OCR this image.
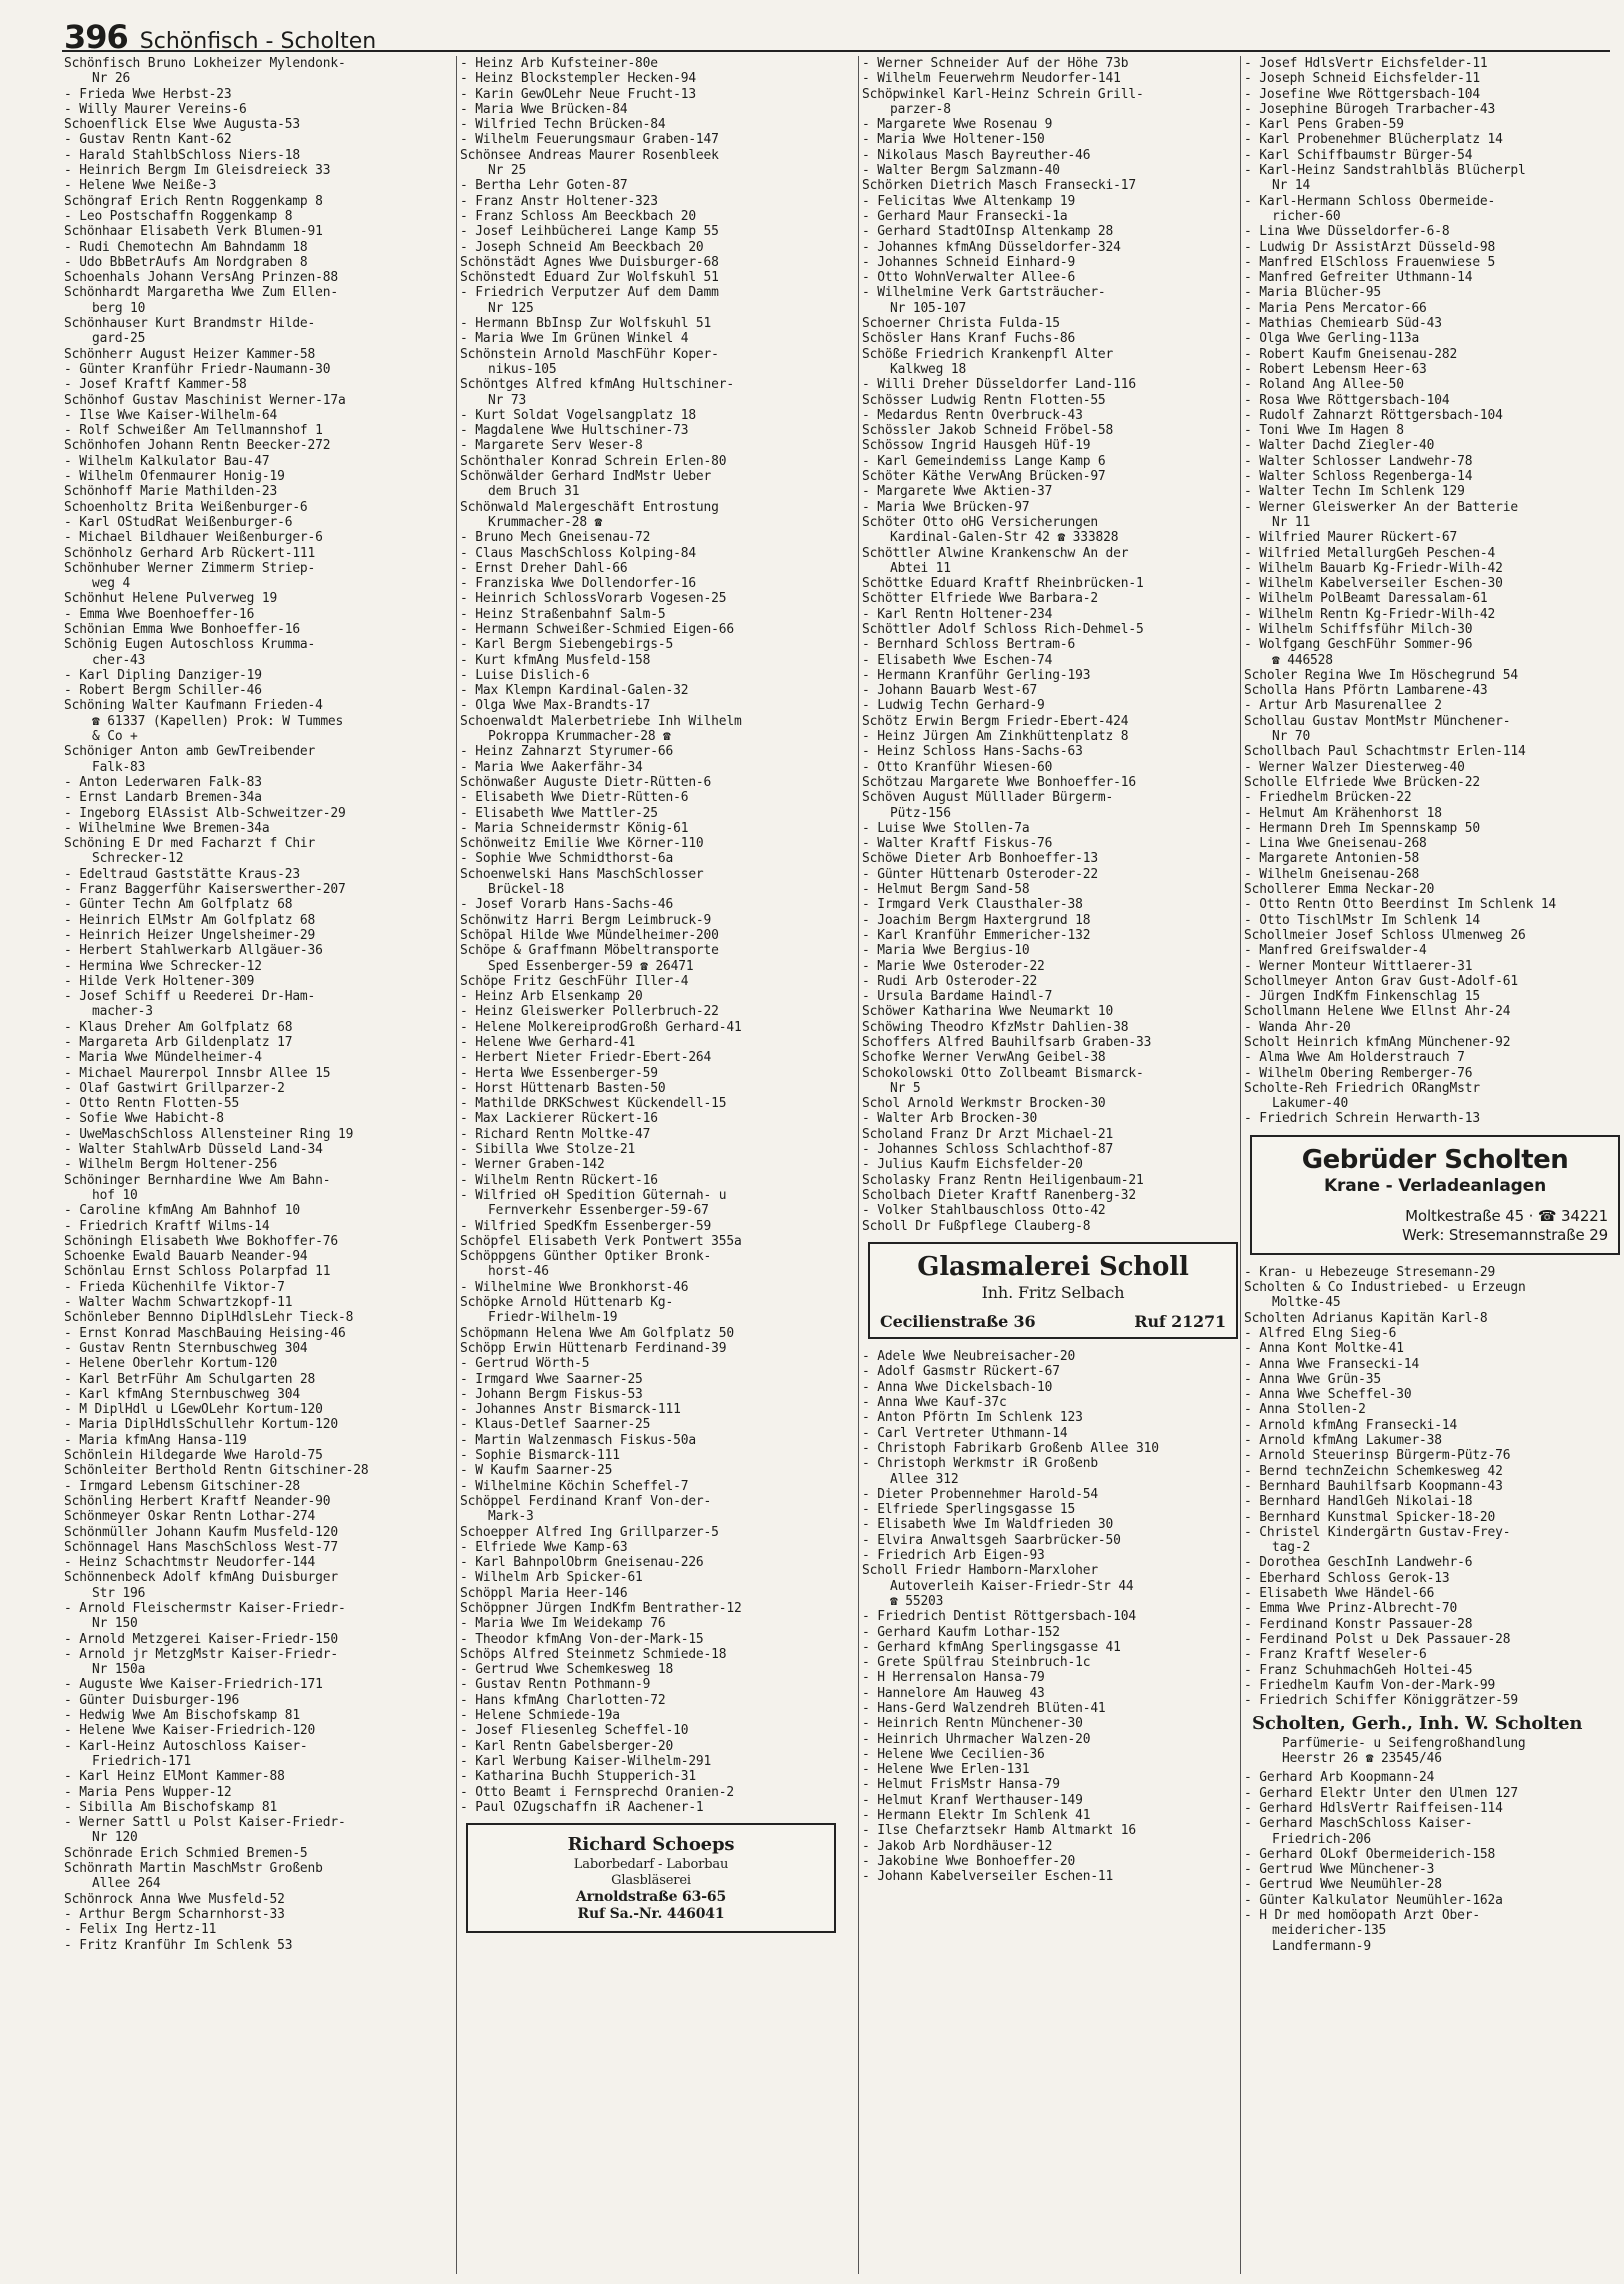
396 Schönfisch - Scholten
Schönfisch Bruno Lokheizer Mylendonk-
Nr 26
- Frieda Wwe Herbst-23
- Willy Maurer Vereins-6
Schoenflick Else Wwe Augusta-53
- Gustav Rentn Kant-62
- Harald StahlbSchloss Niers-18
- Heinrich Bergm Im Gleisdreieck 33
- Helene Wwe Neiße-3
Schöngraf Erich Rentn Roggenkamp 8
- Leo Postschaffn Roggenkamp 8
Schönhaar Elisabeth Verk Blumen-91
- Rudi Chemotechn Am Bahndamm 18
- Udo BbBetrAufs Am Nordgraben 8
Schoenhals Johann VersAng Prinzen-88
Schönhardt Margaretha Wwe Zum Ellen-
berg 10
Schönhauser Kurt Brandmstr Hilde-
gard-25
Schönherr August Heizer Kammer-58
- Günter Kranführ Friedr-Naumann-30
- Josef Kraftf Kammer-58
Schönhof Gustav Maschinist Werner-17a
- Ilse Wwe Kaiser-Wilhelm-64
- Rolf Schweißer Am Tellmannshof 1
Schönhofen Johann Rentn Beecker-272
- Wilhelm Kalkulator Bau-47
- Wilhelm Ofenmaurer Honig-19
Schönhoff Marie Mathilden-23
Schoenholtz Brita Weißenburger-6
- Karl OStudRat Weißenburger-6
- Michael Bildhauer Weißenburger-6
Schönholz Gerhard Arb Rückert-111
Schönhuber Werner Zimmerm Striep-
weg 4
Schönhut Helene Pulverweg 19
- Emma Wwe Boenhoeffer-16
Schönian Emma Wwe Bonhoeffer-16
Schönig Eugen Autoschloss Krumma-
cher-43
- Karl Dipling Danziger-19
- Robert Bergm Schiller-46
Schöning Walter Kaufmann Frieden-4
☎ 61337 (Kapellen) Prok: W Tummes
& Co +
Schöniger Anton amb GewTreibender
Falk-83
- Anton Lederwaren Falk-83
- Ernst Landarb Bremen-34a
- Ingeborg ElAssist Alb-Schweitzer-29
- Wilhelmine Wwe Bremen-34a
Schöning E Dr med Facharzt f Chir
Schrecker-12
- Edeltraud Gaststätte Kraus-23
- Franz Baggerführ Kaiserswerther-207
- Günter Techn Am Golfplatz 68
- Heinrich ElMstr Am Golfplatz 68
- Heinrich Heizer Ungelsheimer-29
- Herbert Stahlwerkarb Allgäuer-36
- Hermina Wwe Schrecker-12
- Hilde Verk Holtener-309
- Josef Schiff u Reederei Dr-Ham-
macher-3
- Klaus Dreher Am Golfplatz 68
- Margareta Arb Gildenplatz 17
- Maria Wwe Mündelheimer-4
- Michael Maurerpol Innsbr Allee 15
- Olaf Gastwirt Grillparzer-2
- Otto Rentn Flotten-55
- Sofie Wwe Habicht-8
- UweMaschSchloss Allensteiner Ring 19
- Walter StahlwArb Düsseld Land-34
- Wilhelm Bergm Holtener-256
Schöninger Bernhardine Wwe Am Bahn-
hof 10
- Caroline kfmAng Am Bahnhof 10
- Friedrich Kraftf Wilms-14
Schöningh Elisabeth Wwe Bokhoffer-76
Schoenke Ewald Bauarb Neander-94
Schönlau Ernst Schloss Polarpfad 11
- Frieda Küchenhilfe Viktor-7
- Walter Wachm Schwartzkopf-11
Schönleber Bennno DiplHdlsLehr Tieck-8
- Ernst Konrad MaschBauing Heising-46
- Gustav Rentn Sternbuschweg 304
- Helene Oberlehr Kortum-120
- Karl BetrFühr Am Schulgarten 28
- Karl kfmAng Sternbuschweg 304
- M DiplHdl u LGewOLehr Kortum-120
- Maria DiplHdlsSchullehr Kortum-120
- Maria kfmAng Hansa-119
Schönlein Hildegarde Wwe Harold-75
Schönleiter Berthold Rentn Gitschiner-28
- Irmgard Lebensm Gitschiner-28
Schönling Herbert Kraftf Neander-90
Schönmeyer Oskar Rentn Lothar-274
Schönmüller Johann Kaufm Musfeld-120
Schönnagel Hans MaschSchloss West-77
- Heinz Schachtmstr Neudorfer-144
Schönnenbeck Adolf kfmAng Duisburger
Str 196
- Arnold Fleischermstr Kaiser-Friedr-
Nr 150
- Arnold Metzgerei Kaiser-Friedr-150
- Arnold jr MetzgMstr Kaiser-Friedr-
Nr 150a
- Auguste Wwe Kaiser-Friedrich-171
- Günter Duisburger-196
- Hedwig Wwe Am Bischofskamp 81
- Helene Wwe Kaiser-Friedrich-120
- Karl-Heinz Autoschloss Kaiser-
Friedrich-171
- Karl Heinz ElMont Kammer-88
- Maria Pens Wupper-12
- Sibilla Am Bischofskamp 81
- Werner Sattl u Polst Kaiser-Friedr-
Nr 120
Schönrade Erich Schmied Bremen-5
Schönrath Martin MaschMstr Großenb
Allee 264
Schönrock Anna Wwe Musfeld-52
- Arthur Bergm Scharnhorst-33
- Felix Ing Hertz-11
- Fritz Kranführ Im Schlenk 53
- Heinz Arb Kufsteiner-80e
- Heinz Blockstempler Hecken-94
- Karin GewOLehr Neue Frucht-13
- Maria Wwe Brücken-84
- Wilfried Techn Brücken-84
- Wilhelm Feuerungsmaur Graben-147
Schönsee Andreas Maurer Rosenbleek
Nr 25
- Bertha Lehr Goten-87
- Franz Anstr Holtener-323
- Franz Schloss Am Beeckbach 20
- Josef Leihbücherei Lange Kamp 55
- Joseph Schneid Am Beeckbach 20
Schönstädt Agnes Wwe Duisburger-68
Schönstedt Eduard Zur Wolfskuhl 51
- Friedrich Verputzer Auf dem Damm
Nr 125
- Hermann BbInsp Zur Wolfskuhl 51
- Maria Wwe Im Grünen Winkel 4
Schönstein Arnold MaschFühr Koper-
nikus-105
Schöntges Alfred kfmAng Hultschiner-
Nr 73
- Kurt Soldat Vogelsangplatz 18
- Magdalene Wwe Hultschiner-73
- Margarete Serv Weser-8
Schönthaler Konrad Schrein Erlen-80
Schönwälder Gerhard IndMstr Ueber
dem Bruch 31
Schönwald Malergeschäft Entrostung
Krummacher-28 ☎
- Bruno Mech Gneisenau-72
- Claus MaschSchloss Kolping-84
- Ernst Dreher Dahl-66
- Franziska Wwe Dollendorfer-16
- Heinrich SchlossVorarb Vogesen-25
- Heinz Straßenbahnf Salm-5
- Hermann Schweißer-Schmied Eigen-66
- Karl Bergm Siebengebirgs-5
- Kurt kfmAng Musfeld-158
- Luise Dislich-6
- Max Klempn Kardinal-Galen-32
- Olga Wwe Max-Brandts-17
Schoenwaldt Malerbetriebe Inh Wilhelm
Pokroppa Krummacher-28 ☎
- Heinz Zahnarzt Styrumer-66
- Maria Wwe Aakerfähr-34
Schönwaßer Auguste Dietr-Rütten-6
- Elisabeth Wwe Dietr-Rütten-6
- Elisabeth Wwe Mattler-25
- Maria Schneidermstr König-61
Schönweitz Emilie Wwe Körner-110
- Sophie Wwe Schmidthorst-6a
Schoenwelski Hans MaschSchlosser
Brückel-18
- Josef Vorarb Hans-Sachs-46
Schönwitz Harri Bergm Leimbruck-9
Schöpal Hilde Wwe Mündelheimer-200
Schöpe & Graffmann Möbeltransporte
Sped Essenberger-59 ☎ 26471
Schöpe Fritz GeschFühr Iller-4
- Heinz Arb Elsenkamp 20
- Heinz Gleiswerker Pollerbruch-22
- Helene MolkereiprodGroßh Gerhard-41
- Helene Wwe Gerhard-41
- Herbert Nieter Friedr-Ebert-264
- Herta Wwe Essenberger-59
- Horst Hüttenarb Basten-50
- Mathilde DRKSchwest Kückendell-15
- Max Lackierer Rückert-16
- Richard Rentn Moltke-47
- Sibilla Wwe Stolze-21
- Werner Graben-142
- Wilhelm Rentn Rückert-16
- Wilfried oH Spedition Güternah- u
Fernverkehr Essenberger-59-67
- Wilfried SpedKfm Essenberger-59
Schöpfel Elisabeth Verk Pontwert 355a
Schöppgens Günther Optiker Bronk-
horst-46
- Wilhelmine Wwe Bronkhorst-46
Schöpke Arnold Hüttenarb Kg-
Friedr-Wilhelm-19
Schöpmann Helena Wwe Am Golfplatz 50
Schöpp Erwin Hüttenarb Ferdinand-39
- Gertrud Wörth-5
- Irmgard Wwe Saarner-25
- Johann Bergm Fiskus-53
- Johannes Anstr Bismarck-111
- Klaus-Detlef Saarner-25
- Martin Walzenmasch Fiskus-50a
- Sophie Bismarck-111
- W Kaufm Saarner-25
- Wilhelmine Köchin Scheffel-7
Schöppel Ferdinand Kranf Von-der-
Mark-3
Schoepper Alfred Ing Grillparzer-5
- Elfriede Wwe Kamp-63
- Karl BahnpolObrm Gneisenau-226
- Wilhelm Arb Spicker-61
Schöppl Maria Heer-146
Schöppner Jürgen IndKfm Bentrather-12
- Maria Wwe Im Weidekamp 76
- Theodor kfmAng Von-der-Mark-15
Schöps Alfred Steinmetz Schmiede-18
- Gertrud Wwe Schemkesweg 18
- Gustav Rentn Pothmann-9
- Hans kfmAng Charlotten-72
- Helene Schmiede-19a
- Josef Fliesenleg Scheffel-10
- Karl Rentn Gabelsberger-20
- Karl Werbung Kaiser-Wilhelm-291
- Katharina Buchh Stupperich-31
- Otto Beamt i Fernsprechd Oranien-2
- Paul OZugschaffn iR Aachener-1
Richard Schoeps
Laborbedarf - Laborbau
Glasbläserei
Arnoldstraße 63-65
Ruf Sa.-Nr. 446041
- Werner Schneider Auf der Höhe 73b
- Wilhelm Feuerwehrm Neudorfer-141
Schöpwinkel Karl-Heinz Schrein Grill-
parzer-8
- Margarete Wwe Rosenau 9
- Maria Wwe Holtener-150
- Nikolaus Masch Bayreuther-46
- Walter Bergm Salzmann-40
Schörken Dietrich Masch Fransecki-17
- Felicitas Wwe Altenkamp 19
- Gerhard Maur Fransecki-1a
- Gerhard StadtOInsp Altenkamp 28
- Johannes kfmAng Düsseldorfer-324
- Johannes Schneid Einhard-9
- Otto WohnVerwalter Allee-6
- Wilhelmine Verk Gartsträucher-
Nr 105-107
Schoerner Christa Fulda-15
Schösler Hans Kranf Fuchs-86
Schöße Friedrich Krankenpfl Alter
Kalkweg 18
- Willi Dreher Düsseldorfer Land-116
Schösser Ludwig Rentn Flotten-55
- Medardus Rentn Overbruck-43
Schössler Jakob Schneid Fröbel-58
Schössow Ingrid Hausgeh Hüf-19
- Karl Gemeindemiss Lange Kamp 6
Schöter Käthe VerwAng Brücken-97
- Margarete Wwe Aktien-37
- Maria Wwe Brücken-97
Schöter Otto oHG Versicherungen
Kardinal-Galen-Str 42 ☎ 333828
Schöttler Alwine Krankenschw An der
Abtei 11
Schöttke Eduard Kraftf Rheinbrücken-1
Schötter Elfriede Wwe Barbara-2
- Karl Rentn Holtener-234
Schöttler Adolf Schloss Rich-Dehmel-5
- Bernhard Schloss Bertram-6
- Elisabeth Wwe Eschen-74
- Hermann Kranführ Gerling-193
- Johann Bauarb West-67
- Ludwig Techn Gerhard-9
Schötz Erwin Bergm Friedr-Ebert-424
- Heinz Jürgen Am Zinkhüttenplatz 8
- Heinz Schloss Hans-Sachs-63
- Otto Kranführ Wiesen-60
Schötzau Margarete Wwe Bonhoeffer-16
Schöven August Mülllader Bürgerm-
Pütz-156
- Luise Wwe Stollen-7a
- Walter Kraftf Fiskus-76
Schöwe Dieter Arb Bonhoeffer-13
- Günter Hüttenarb Osteroder-22
- Helmut Bergm Sand-58
- Irmgard Verk Clausthaler-38
- Joachim Bergm Haxtergrund 18
- Karl Kranführ Emmericher-132
- Maria Wwe Bergius-10
- Marie Wwe Osteroder-22
- Rudi Arb Osteroder-22
- Ursula Bardame Haindl-7
Schöwer Katharina Wwe Neumarkt 10
Schöwing Theodro KfzMstr Dahlien-38
Schoffers Alfred Bauhilfsarb Graben-33
Schofke Werner VerwAng Geibel-38
Schokolowski Otto Zollbeamt Bismarck-
Nr 5
Schol Arnold Werkmstr Brocken-30
- Walter Arb Brocken-30
Scholand Franz Dr Arzt Michael-21
- Johannes Schloss Schlachthof-87
- Julius Kaufm Eichsfelder-20
Scholasky Franz Rentn Heiligenbaum-21
Scholbach Dieter Kraftf Ranenberg-32
- Volker Stahlbauschloss Otto-42
Scholl Dr Fußpflege Clauberg-8
Glasmalerei Scholl
Inh. Fritz Selbach
Cecilienstraße 36	Ruf 21271
- Adele Wwe Neubreisacher-20
- Adolf Gasmstr Rückert-67
- Anna Wwe Dickelsbach-10
- Anna Wwe Kauf-37c
- Anton Pförtn Im Schlenk 123
- Carl Vertreter Uthmann-14
- Christoph Fabrikarb Großenb Allee 310
- Christoph Werkmstr iR Großenb
Allee 312
- Dieter Probennehmer Harold-54
- Elfriede Sperlingsgasse 15
- Elisabeth Wwe Im Waldfrieden 30
- Elvira Anwaltsgeh Saarbrücker-50
- Friedrich Arb Eigen-93
Scholl Friedr Hamborn-Marxloher
Autoverleih Kaiser-Friedr-Str 44
☎ 55203
- Friedrich Dentist Röttgersbach-104
- Gerhard Kaufm Lothar-152
- Gerhard kfmAng Sperlingsgasse 41
- Grete Spülfrau Steinbruch-1c
- H Herrensalon Hansa-79
- Hannelore Am Hauweg 43
- Hans-Gerd Walzendreh Blüten-41
- Heinrich Rentn Münchener-30
- Heinrich Uhrmacher Walzen-20
- Helene Wwe Cecilien-36
- Helene Wwe Erlen-131
- Helmut FrisMstr Hansa-79
- Helmut Kranf Werthauser-149
- Hermann Elektr Im Schlenk 41
- Ilse Chefarztsekr Hamb Altmarkt 16
- Jakob Arb Nordhäuser-12
- Jakobine Wwe Bonhoeffer-20
- Johann Kabelverseiler Eschen-11
- Josef HdlsVertr Eichsfelder-11
- Joseph Schneid Eichsfelder-11
- Josefine Wwe Röttgersbach-104
- Josephine Bürogeh Trarbacher-43
- Karl Pens Graben-59
- Karl Probenehmer Blücherplatz 14
- Karl Schiffbaumstr Bürger-54
- Karl-Heinz Sandstrahlbläs Blücherpl
Nr 14
- Karl-Hermann Schloss Obermeide-
richer-60
- Lina Wwe Düsseldorfer-6-8
- Ludwig Dr AssistArzt Düsseld-98
- Manfred ElSchloss Frauenwiese 5
- Manfred Gefreiter Uthmann-14
- Maria Blücher-95
- Maria Pens Mercator-66
- Mathias Chemiearb Süd-43
- Olga Wwe Gerling-113a
- Robert Kaufm Gneisenau-282
- Robert Lebensm Heer-63
- Roland Ang Allee-50
- Rosa Wwe Röttgersbach-104
- Rudolf Zahnarzt Röttgersbach-104
- Toni Wwe Im Hagen 8
- Walter Dachd Ziegler-40
- Walter Schlosser Landwehr-78
- Walter Schloss Regenberga-14
- Walter Techn Im Schlenk 129
- Werner Gleiswerker An der Batterie
Nr 11
- Wilfried Maurer Rückert-67
- Wilfried MetallurgGeh Peschen-4
- Wilhelm Bauarb Kg-Friedr-Wilh-42
- Wilhelm Kabelverseiler Eschen-30
- Wilhelm PolBeamt Daressalam-61
- Wilhelm Rentn Kg-Friedr-Wilh-42
- Wilhelm Schiffsführ Milch-30
- Wolfgang GeschFühr Sommer-96
☎ 446528
Scholer Regina Wwe Im Höschegrund 54
Scholla Hans Pförtn Lambarene-43
- Artur Arb Masurenallee 2
Schollau Gustav MontMstr Münchener-
Nr 70
Schollbach Paul Schachtmstr Erlen-114
- Werner Walzer Diesterweg-40
Scholle Elfriede Wwe Brücken-22
- Friedhelm Brücken-22
- Helmut Am Krähenhorst 18
- Hermann Dreh Im Spennskamp 50
- Lina Wwe Gneisenau-268
- Margarete Antonien-58
- Wilhelm Gneisenau-268
Schollerer Emma Neckar-20
- Otto Rentn Otto Beerdinst Im Schlenk 14
- Otto TischlMstr Im Schlenk 14
Schollmeier Josef Schloss Ulmenweg 26
- Manfred Greifswalder-4
- Werner Monteur Wittlaerer-31
Schollmeyer Anton Grav Gust-Adolf-61
- Jürgen IndKfm Finkenschlag 15
Schollmann Helene Wwe Ellnst Ahr-24
- Wanda Ahr-20
Scholt Heinrich kfmAng Münchener-92
- Alma Wwe Am Holderstrauch 7
- Wilhelm Obering Remberger-76
Scholte-Reh Friedrich ORangMstr
Lakumer-40
- Friedrich Schrein Herwarth-13
Gebrüder Scholten
Krane - Verladeanlagen
Moltkestraße 45 · ☎ 34221
Werk: Stresemannstraße 29
- Kran- u Hebezeuge Stresemann-29
Scholten & Co Industriebed- u Erzeugn
Moltke-45
Scholten Adrianus Kapitän Karl-8
- Alfred Elng Sieg-6
- Anna Kont Moltke-41
- Anna Wwe Fransecki-14
- Anna Wwe Grün-35
- Anna Wwe Scheffel-30
- Anna Stollen-2
- Arnold kfmAng Fransecki-14
- Arnold kfmAng Lakumer-38
- Arnold Steuerinsp Bürgerm-Pütz-76
- Bernd technZeichn Schemkesweg 42
- Bernhard Bauhilfsarb Koopmann-43
- Bernhard HandlGeh Nikolai-18
- Bernhard Kunstmal Spicker-18-20
- Christel Kindergärtn Gustav-Frey-
tag-2
- Dorothea GeschInh Landwehr-6
- Eberhard Schloss Gerok-13
- Elisabeth Wwe Händel-66
- Emma Wwe Prinz-Albrecht-70
- Ferdinand Konstr Passauer-28
- Ferdinand Polst u Dek Passauer-28
- Franz Kraftf Weseler-6
- Franz SchuhmachGeh Holtei-45
- Friedhelm Kaufm Von-der-Mark-99
- Friedrich Schiffer Königgrätzer-59
Scholten, Gerh., Inh. W. Scholten
Parfümerie- u Seifengroßhandlung
Heerstr 26 ☎ 23545/46
- Gerhard Arb Koopmann-24
- Gerhard Elektr Unter den Ulmen 127
- Gerhard HdlsVertr Raiffeisen-114
- Gerhard MaschSchloss Kaiser-
Friedrich-206
- Gerhard OLokf Obermeiderich-158
- Gertrud Wwe Münchener-3
- Gertrud Wwe Neumühler-28
- Günter Kalkulator Neumühler-162a
- H Dr med homöopath Arzt Ober-
meidericher-135
Landfermann-9
